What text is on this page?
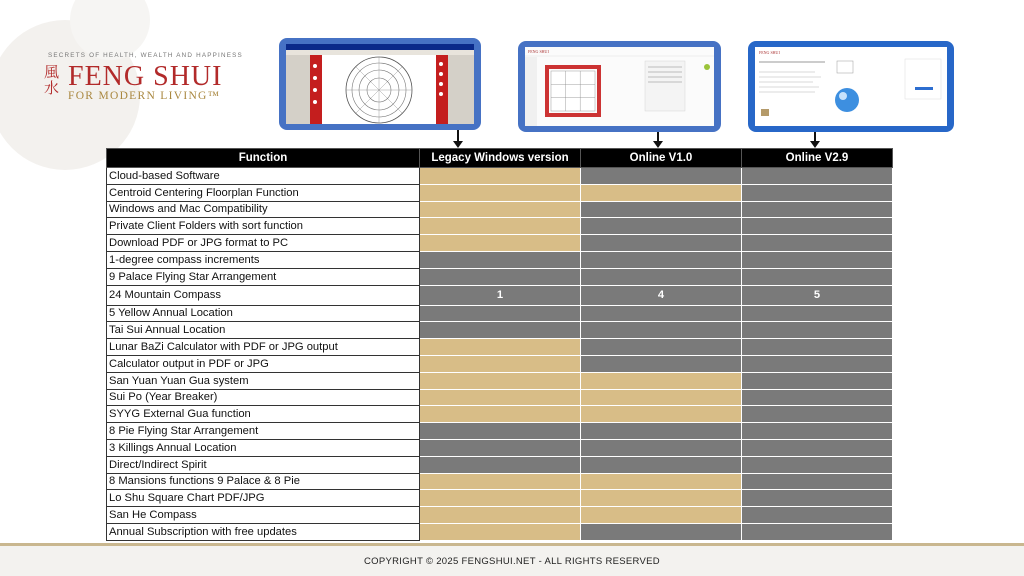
SECRETS OF HEALTH, WEALTH AND HAPPINESS
風水 FENG SHUI
FOR MODERN LIVING™
FENG SHUI	FENG SHUI
Function	Legacy Windows version	Online V1.0	Online V2.9
Cloud-based Software			
Centroid Centering Floorplan Function			
Windows and Mac Compatibility			
Private Client Folders with sort function			
Download PDF or JPG format to PC			
1-degree compass increments			
9 Palace Flying Star Arrangement			
24 Mountain Compass	1	4	5
5 Yellow Annual Location			
Tai Sui Annual Location			
Lunar BaZi Calculator with PDF or JPG output			
Calculator output in PDF or JPG			
San Yuan Yuan Gua system			
Sui Po (Year Breaker)			
SYYG External Gua function			
8 Pie Flying Star Arrangement			
3 Killings Annual Location			
Direct/Indirect Spirit			
8 Mansions functions 9 Palace & 8 Pie			
Lo Shu Square Chart PDF/JPG			
San He Compass			
Annual Subscription with free updates			
COPYRIGHT © 2025 FENGSHUI.NET - ALL RIGHTS RESERVED
